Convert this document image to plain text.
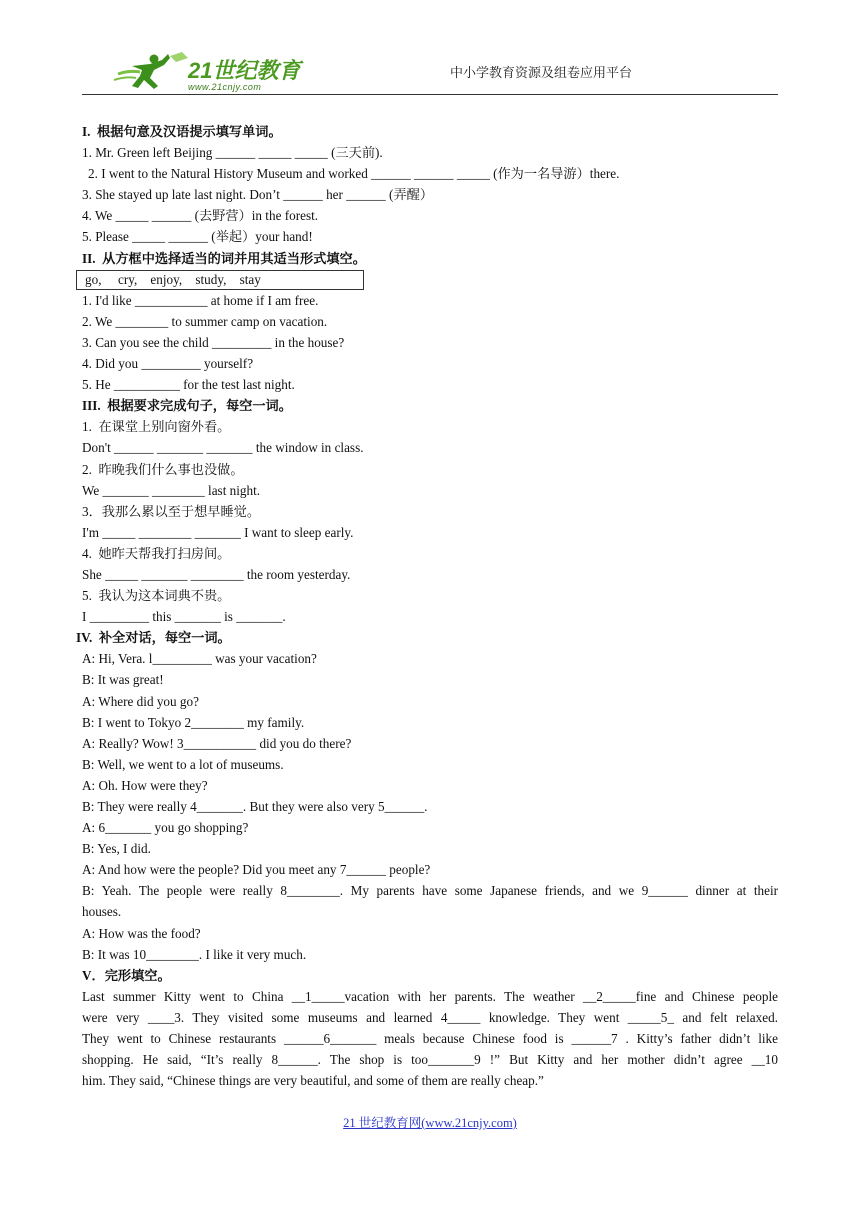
21世纪教育
www.21cnjy.com
中小学教育资源及组卷应用平台
I.  根据句意及汉语提示填写单词。
1. Mr. Green left Beijing ______ _____ _____ (三天前).
2. I went to the Natural History Museum and worked ______ ______ _____ (作为一名导游）there.
3. She stayed up late last night. Don’t ______ her ______ (弄醒）
4. We _____ ______ (去野营）in the forest.
5. Please _____ ______ (举起）your hand!
II.  从方框中选择适当的词并用其适当形式填空。
go,     cry,    enjoy,    study,    stay
1. I'd like ___________ at home if I am free.
2. We ________ to summer camp on vacation.
3. Can you see the child _________ in the house?
4. Did you _________ yourself?
5. He __________ for the test last night.
III.  根据要求完成句子，每空一词。
1.  在课堂上别向窗外看。
Don't ______ _______ _______ the window in class.
2.  昨晚我们什么事也没做。
We _______ ________ last night.
3．我那么累以至于想早睡觉。
I'm _____ ________ _______ I want to sleep early.
4.  她昨天帮我打扫房间。
She _____ _______ ________ the room yesterday.
5.  我认为这本词典不贵。
I _________ this _______ is _______.
IV.  补全对话，每空一词。
A: Hi, Vera. l_________ was your vacation?
B: It was great!
A: Where did you go?
B: I went to Tokyo 2________ my family.
A: Really? Wow! 3___________ did you do there?
B: Well, we went to a lot of museums.
A: Oh. How were they?
B: They were really 4_______. But they were also very 5______.
A: 6_______ you go shopping?
B: Yes, I did.
A: And how were the people? Did you meet any 7______ people?
B: Yeah. The people were really 8________. My parents have some Japanese friends, and we 9______ dinner at their
houses.
A: How was the food?
B: It was 10________. I like it very much.
V．完形填空。
Last summer Kitty went to China __1_____vacation with her parents. The weather __2_____fine and Chinese people
were very ____3. They visited some museums and learned 4_____ knowledge. They went _____5_ and felt relaxed.
They went to Chinese restaurants ______6_______ meals because Chinese food is ______7 . Kitty’s father didn’t like
shopping. He said, “It’s really 8______. The shop is too_______9 !” But Kitty and her mother didn’t agree __10
him. They said, “Chinese things are very beautiful, and some of them are really cheap.”
21 世纪教育网(www.21cnjy.com)
